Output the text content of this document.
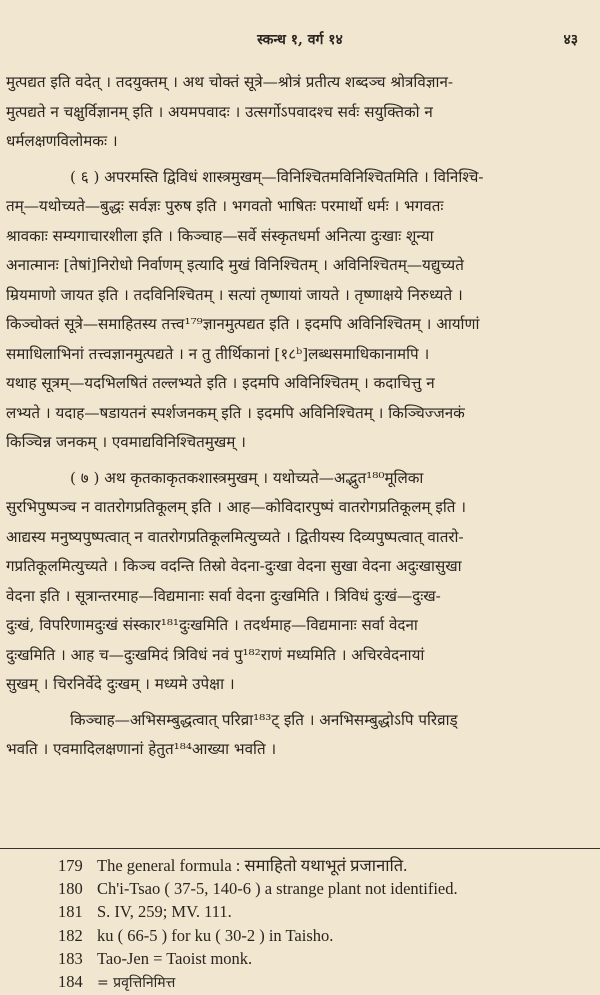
स्कन्ध १, वर्ग १४	४३
मुत्पद्यत इति वदेत् । तदयुक्तम् । अथ चोक्तं सूत्रे—श्रोत्रं प्रतीत्य शब्दञ्च श्रोत्रविज्ञान-
मुत्पद्यते न चक्षुर्विज्ञानम् इति । अयमपवादः । उत्सर्गोऽपवादश्च सर्वः सयुक्तिको न
धर्मलक्षणविलोमकः ।
( ६ ) अपरमस्ति द्विविधं शास्त्रमुखम्—विनिश्चितमविनिश्चितमिति । विनिश्चि-
तम्—यथोच्यते—बुद्धः सर्वज्ञः पुरुष इति । भगवतो भाषितः परमार्थो धर्मः । भगवतः
श्रावकाः सम्यगाचारशीला इति । किञ्चाह—सर्वे संस्कृतधर्मा अनित्या दुःखाः शून्या
अनात्मानः [तेषां]निरोधो निर्वाणम् इत्यादि मुखं विनिश्चितम् । अविनिश्चितम्—यद्युच्यते
म्रियमाणो जायत इति । तदविनिश्चितम् । सत्यां तृष्णायां जायते । तृष्णाक्षये निरुध्यते ।
किञ्चोक्तं सूत्रे—समाहितस्य तत्त्व¹⁷⁹ज्ञानमुत्पद्यत इति । इदमपि अविनिश्चितम् । आर्याणां
समाधिलाभिनां तत्त्वज्ञानमुत्पद्यते । न तु तीर्थिकानां [१८ᵇ]लब्धसमाधिकानामपि ।
यथाह सूत्रम्—यदभिलषितं तल्लभ्यते इति । इदमपि अविनिश्चितम् । कदाचित्तु न
लभ्यते । यदाह—षडायतनं स्पर्शजनकम् इति । इदमपि अविनिश्चितम् । किञ्चिज्जनकं
किञ्चिन्न जनकम् । एवमाद्यविनिश्चितमुखम् ।
( ७ ) अथ कृतकाकृतकशास्त्रमुखम् । यथोच्यते—अद्भुत¹⁸⁰मूलिका
सुरभिपुष्पञ्च न वातरोगप्रतिकूलम् इति । आह—कोविदारपुष्पं वातरोगप्रतिकूलम् इति ।
आद्यस्य मनुष्यपुष्पत्वात् न वातरोगप्रतिकूलमित्युच्यते । द्वितीयस्य दिव्यपुष्पत्वात् वातरो-
गप्रतिकूलमित्युच्यते । किञ्च वदन्ति तिस्रो वेदना-दुःखा वेदना सुखा वेदना अदुःखासुखा
वेदना इति । सूत्रान्तरमाह—विद्यमानाः सर्वा वेदना दुःखमिति । त्रिविधं दुःखं—दुःख-
दुःखं, विपरिणामदुःखं संस्कार¹⁸¹दुःखमिति । तदर्थमाह—विद्यमानाः सर्वा वेदना
दुःखमिति । आह च—दुःखमिदं त्रिविधं नवं पु¹⁸²राणं मध्यमिति । अचिरवेदनायां
सुखम् । चिरनिर्वेदे दुःखम् । मध्यमे उपेक्षा ।
किञ्चाह—अभिसम्बुद्धत्वात् परिव्रा¹⁸³ट् इति । अनभिसम्बुद्धोऽपि परिव्राड्
भवति । एवमादिलक्षणानां हेतुत¹⁸⁴आख्या भवति ।
179 The general formula : समाहितो यथाभूतं प्रजानाति.
180 Ch'i-Tsao ( 37-5, 140-6 ) a strange plant not identified.
181 S. IV, 259; MV. 111.
182 ku ( 66-5 ) for ku ( 30-2 ) in Taisho.
183 Tao-Jen = Taoist monk.
184 = प्रवृत्तिनिमित्त
